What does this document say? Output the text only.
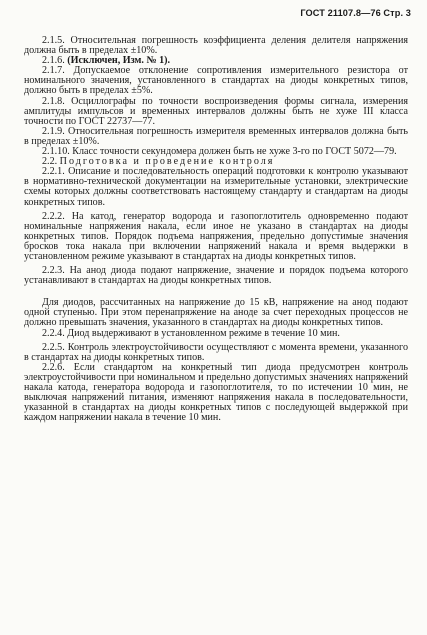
ГОСТ 21107.8—76 Стр. 3

2.1.5. Относительная погрешность коэффициента деления делителя напряжения должна быть в пределах ±10%.

2.1.6. (Исключен, Изм. № 1).

2.1.7. Допускаемое отклонение сопротивления измерительного резистора от номинального значения, установленного в стандартах на диоды конкретных типов, должно быть в пределах ±5%.

2.1.8. Осциллографы по точности воспроизведения формы сигнала, измерения амплитуды импульсов и временных интервалов должны быть не хуже III класса точности по ГОСТ 22737—77.

2.1.9. Относительная погрешность измерителя временных интервалов должна быть в пределах ±10%.

2.1.10. Класс точности секундомера должен быть не хуже 3-го по ГОСТ 5072—79.

2.2. Подготовка и проведение контроля

2.2.1. Описание и последовательность операций подготовки к контролю указывают в нормативно-технической документации на измерительные установки, электрические схемы которых должны соответствовать настоящему стандарту и стандартам на диоды конкретных типов.

2.2.2. На катод, генератор водорода и газопоглотитель одновременно подают номинальные напряжения накала, если иное не указано в стандартах на диоды конкретных типов. Порядок подъема напряжения, предельно допустимые значения бросков тока накала при включении напряжений накала и время выдержки в установленном режиме указывают в стандартах на диоды конкретных типов.

2.2.3. На анод диода подают напряжение, значение и порядок подъема которого устанавливают в стандартах на диоды конкретных типов.

Для диодов, рассчитанных на напряжение до 15 кВ, напряжение на анод подают одной ступенью. При этом перенапряжение на аноде за счет переходных процессов не должно превышать значения, указанного в стандартах на диоды конкретных типов.

2.2.4. Диод выдерживают в установленном режиме в течение 10 мин.

2.2.5. Контроль электроустойчивости осуществляют с момента времени, указанного в стандартах на диоды конкретных типов.

2.2.6. Если стандартом на конкретный тип диода предусмотрен контроль электроустойчивости при номинальном и предельно допустимых значениях напряжений накала катода, генератора водорода и газопоглотителя, то по истечении 10 мин, не выключая напряжений питания, изменяют напряжения накала в последовательности, указанной в стандартах на диоды конкретных типов с последующей выдержкой при каждом напряжении накала в течение 10 мин.
